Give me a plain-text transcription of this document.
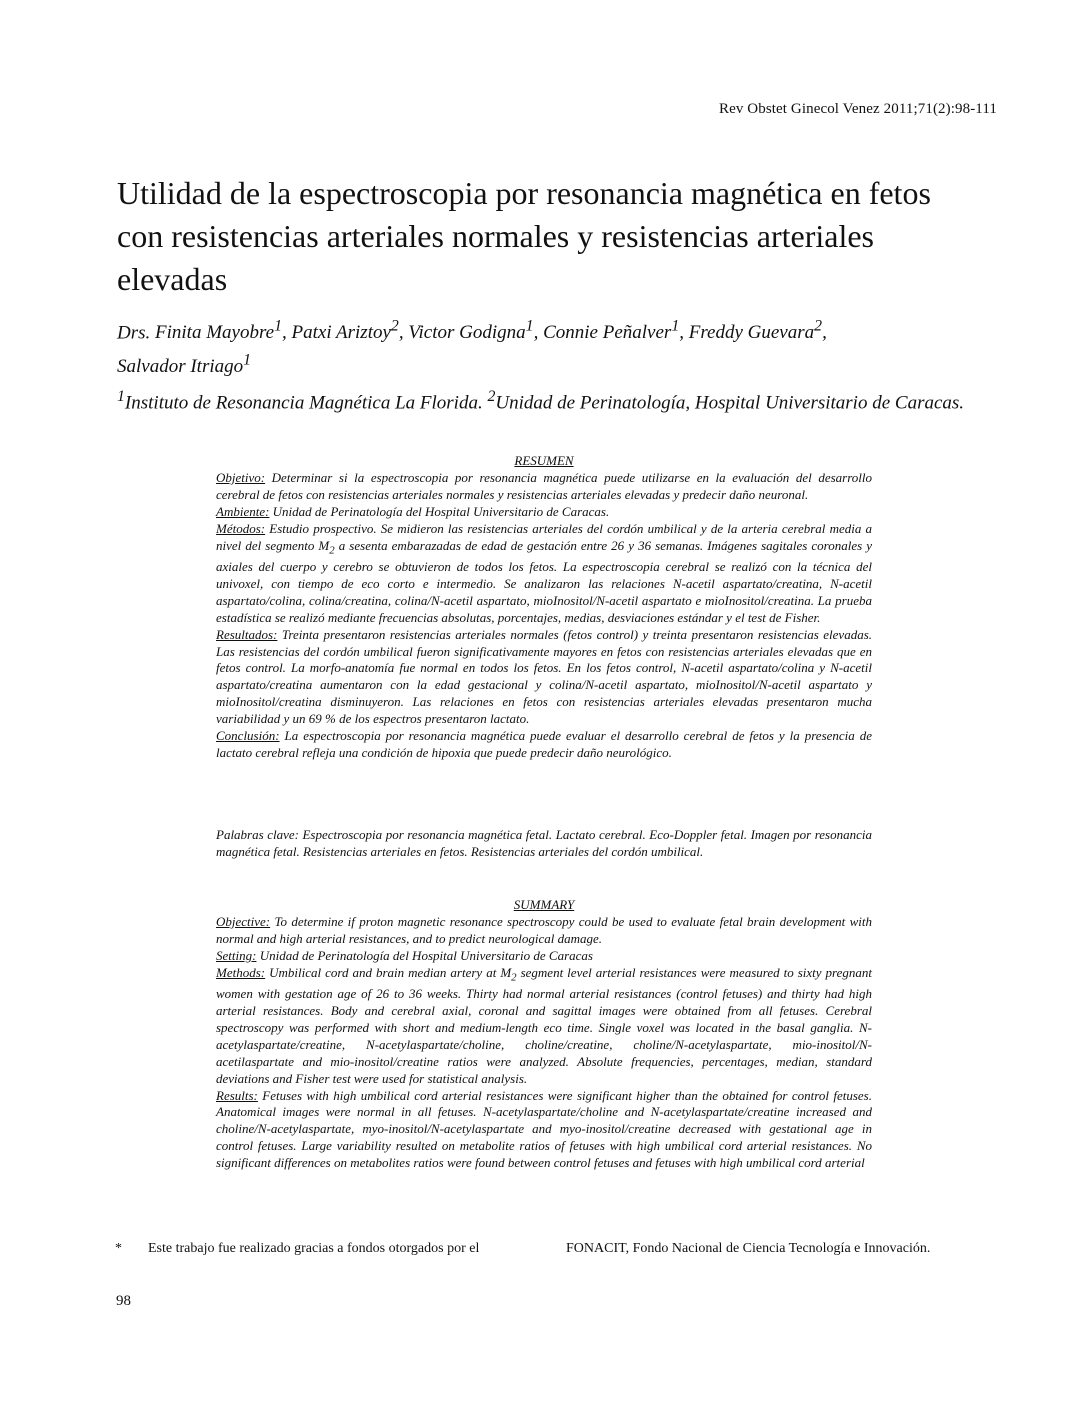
Rev Obstet Ginecol Venez 2011;71(2):98-111
Utilidad de la espectroscopia por resonancia magnética en fetos con resistencias arteriales normales y resistencias arteriales elevadas
Drs. Finita Mayobre$^1$, Patxi Ariztoy$^2$, Victor Godigna$^1$, Connie Peñalver$^1$, Freddy Guevara$^2$,
Salvador Itriago$^1$
$^1$Instituto de Resonancia Magnética La Florida. $^2$Unidad de Perinatología, Hospital Universitario de Caracas.

RESUMEN

Objetivo: Determinar si la espectroscopia por resonancia magnética puede utilizarse en la evaluación del desarrollo cerebral de fetos con resistencias arteriales normales y resistencias arteriales elevadas y predecir daño neuronal.

Ambiente: Unidad de Perinatología del Hospital Universitario de Caracas.

Métodos: Estudio prospectivo. Se midieron las resistencias arteriales del cordón umbilical y de la arteria cerebral media a nivel del segmento $M_2$ a sesenta embarazadas de edad de gestación entre 26 y 36 semanas. Imágenes sagitales coronales y axiales del cuerpo y cerebro se obtuvieron de todos los fetos. La espectroscopia cerebral se realizó con la técnica del univoxel, con tiempo de eco corto e intermedio. Se analizaron las relaciones N-acetil aspartato/creatina, N-acetil aspartato/colina, colina/creatina, colina/N-acetil aspartato, mioInositol/N-acetil aspartato e mioInositol/creatina. La prueba estadística se realizó mediante frecuencias absolutas, porcentajes, medias, desviaciones estándar y el test de Fisher.

Resultados: Treinta presentaron resistencias arteriales normales (fetos control) y treinta presentaron resistencias elevadas. Las resistencias del cordón umbilical fueron significativamente mayores en fetos con resistencias arteriales elevadas que en fetos control. La morfo-anatomía fue normal en todos los fetos. En los fetos control, N-acetil aspartato/colina y N-acetil aspartato/creatina aumentaron con la edad gestacional y colina/N-acetil aspartato, mioInositol/N-acetil aspartato y mioInositol/creatina disminuyeron. Las relaciones en fetos con resistencias arteriales elevadas presentaron mucha variabilidad y un 69 % de los espectros presentaron lactato.

Conclusión: La espectroscopia por resonancia magnética puede evaluar el desarrollo cerebral de fetos y la presencia de lactato cerebral refleja una condición de hipoxia que puede predecir daño neurológico.

Palabras clave: Espectroscopia por resonancia magnética fetal. Lactato cerebral. Eco-Doppler fetal. Imagen por resonancia magnética fetal. Resistencias arteriales en fetos. Resistencias arteriales del cordón umbilical.

SUMMARY

Objective: To determine if proton magnetic resonance spectroscopy could be used to evaluate fetal brain development with normal and high arterial resistances, and to predict neurological damage.

Setting: Unidad de Perinatología del Hospital Universitario de Caracas

Methods: Umbilical cord and brain median artery at $M_2$ segment level arterial resistances were measured to sixty pregnant women with gestation age of 26 to 36 weeks. Thirty had normal arterial resistances (control fetuses) and thirty had high arterial resistances. Body and cerebral axial, coronal and sagittal images were obtained from all fetuses. Cerebral spectroscopy was performed with short and medium-length eco time. Single voxel was located in the basal ganglia. N-acetylaspartate/creatine, N-acetylaspartate/choline, choline/creatine, choline/N-acetylaspartate, mio-inositol/N-acetilaspartate and mio-inositol/creatine ratios were analyzed. Absolute frequencies, percentages, median, standard deviations and Fisher test were used for statistical analysis.

Results: Fetuses with high umbilical cord arterial resistances were significant higher than the obtained for control fetuses. Anatomical images were normal in all fetuses. N-acetylaspartate/choline and N-acetylaspartate/creatine increased and choline/N-acetylaspartate, myo-inositol/N-acetylaspartate and myo-inositol/creatine decreased with gestational age in control fetuses. Large variability resulted on metabolite ratios of fetuses with high umbilical cord arterial resistances. No significant differences on metabolites ratios were found between control fetuses and fetuses with high umbilical cord arterial

* Este trabajo fue realizado gracias a fondos otorgados por el	FONACIT, Fondo Nacional de Ciencia Tecnología e Innovación.
98
